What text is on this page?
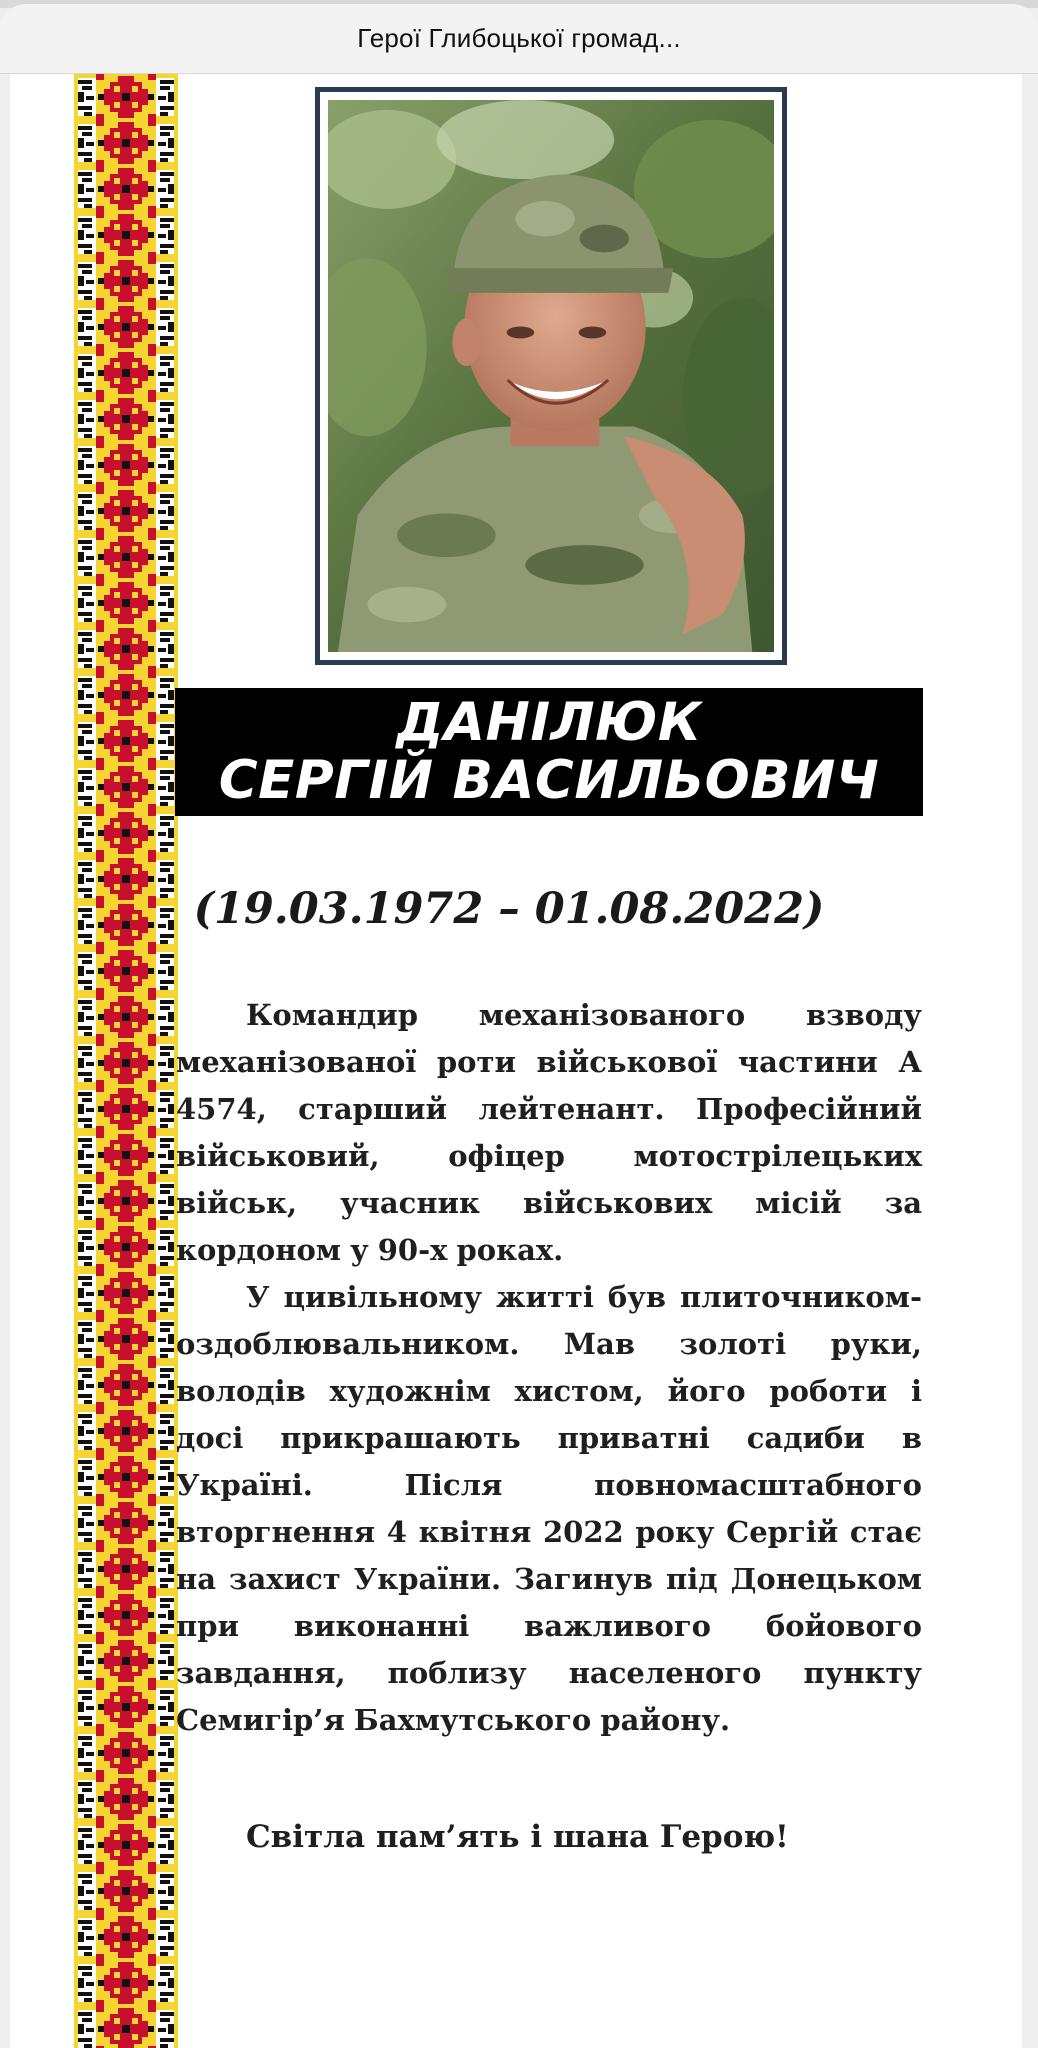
Герої Глибоцької громад...
ДАНІЛЮК
СЕРГІЙ ВАСИЛЬОВИЧ
(19.03.1972 – 01.08.2022)

Командир механізованого взводу механізованої роти військової частини А 4574, старший лейтенант. Професійний військовий, офіцер мотострілецьких військ, учасник військових місій за кордоном у 90-х роках.

У цивільному житті був плиточником-оздоблювальником. Мав золоті руки, володів художнім хистом, його роботи і досі прикрашають приватні садиби в Україні. Після повномасштабного вторгнення 4 квітня 2022 року Сергій стає на захист України. Загинув під Донецьком при виконанні важливого бойового завдання, поблизу населеного пункту Семигір’я Бахмутського району.

Світла пам’ять і шана Герою!
